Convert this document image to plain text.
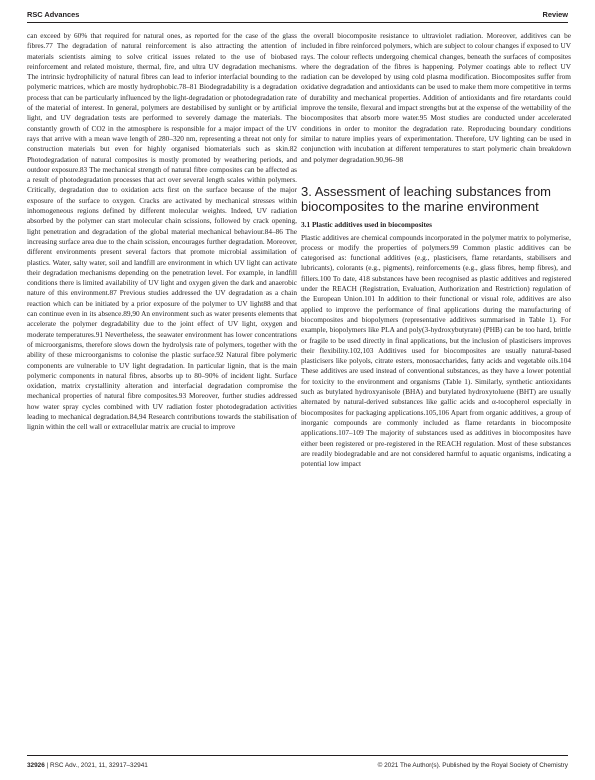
RSC Advances	Review

can exceed by 60% that required for natural ones, as reported for the case of the glass fibres.77 The degradation of natural reinforcement is also attracting the attention of materials scientists aiming to solve critical issues related to the use of biobased reinforcement and related moisture, thermal, fire, and ultra UV degradation mechanisms. The intrinsic hydrophilicity of natural fibres can lead to inferior interfacial bounding to the polymeric matrices, which are mostly hydrophobic.78–81 Biodegradability is a degradation process that can be particularly influenced by the light-degradation or photodegradation rate of the material of interest. In general, polymers are destabilised by sunlight or by artificial light, and UV degradation tests are performed to severely damage the materials. The constantly growth of CO2 in the atmosphere is responsible for a major impact of the UV rays that arrive with a mean wave length of 280–320 nm, representing a threat not only for construction materials but even for highly organised biomaterials such as skin.82 Photodegradation of natural composites is mostly promoted by weathering periods, and outdoor exposure.83 The mechanical strength of natural fibre composites can be affected as a result of photodegradation processes that act over several length scales within polymers. Critically, degradation due to oxidation acts first on the surface because of the major exposure of the surface to oxygen. Cracks are activated by mechanical stresses within inhomogeneous regions defined by different molecular weights. Indeed, UV radiation absorbed by the polymer can start molecular chain scissions, followed by crack opening, light penetration and degradation of the global material mechanical behaviour.84–86 The increasing surface area due to the chain scission, encourages further degradation. Moreover, different environments present several factors that promote microbial assimilation of plastics. Water, salty water, soil and landfill are environment in which UV light can activate their degradation mechanisms depending on the penetration level. For example, in landfill conditions there is limited availability of UV light and oxygen given the dark and anaerobic nature of this environment.87 Previous studies addressed the UV degradation as a chain reaction which can be initiated by a prior exposure of the polymer to UV light88 and that can continue even in its absence.89,90 An environment such as water presents elements that accelerate the polymer degradability due to the joint effect of UV light, oxygen and moderate temperatures.91 Nevertheless, the seawater environment has lower concentrations of microorganisms, therefore slows down the hydrolysis rate of polymers, together with the ability of these microorganisms to colonise the plastic surface.92 Natural fibre polymeric components are vulnerable to UV light degradation. In particular lignin, that is the main polymeric components in natural fibres, absorbs up to 80–90% of incident light. Surface oxidation, matrix crystallinity alteration and interfacial degradation compromise the mechanical properties of natural fibre composites.93 Moreover, further studies addressed how water spray cycles combined with UV radiation foster photodegradation activities leading to mechanical degradation.84,94 Research contributions towards the stabilisation of lignin within the cell wall or extracellular matrix are crucial to improve

the overall biocomposite resistance to ultraviolet radiation. Moreover, additives can be included in fibre reinforced polymers, which are subject to colour changes if exposed to UV rays. The colour reflects undergoing chemical changes, beneath the surfaces of composites where the degradation of the fibres is happening. Polymer coatings able to reflect UV radiation can be developed by using cold plasma modification. Biocomposites suffer from oxidative degradation and antioxidants can be used to make them more competitive in terms of durability and mechanical properties. Addition of antioxidants and fire retardants could improve the tensile, flexural and impact strengths but at the expense of the wettability of the biocomposites that absorb more water.95 Most studies are conducted under accelerated conditions in order to monitor the degradation rate. Reproducing boundary conditions similar to nature implies years of experimentation. Therefore, UV lighting can be used in conjunction with incubation at different temperatures to start polymeric chain breakdown and polymer degradation.90,96–98

3. Assessment of leaching substances from biocomposites to the marine environment
3.1 Plastic additives used in biocomposites

Plastic additives are chemical compounds incorporated in the polymer matrix to polymerise, process or modify the properties of polymers.99 Common plastic additives can be categorised as: functional additives (e.g., plasticisers, flame retardants, stabilisers and lubricants), colorants (e.g., pigments), reinforcements (e.g., glass fibres, hemp fibres), and fillers.100 To date, 418 substances have been recognised as plastic additives and registered under the REACH (Registration, Evaluation, Authorization and Restriction) regulation of the European Union.101 In addition to their functional or visual role, additives are also applied to improve the performance of final applications during the manufacturing of biocomposites and biopolymers (representative additives summarised in Table 1). For example, biopolymers like PLA and poly(3-hydroxybutyrate) (PHB) can be too hard, brittle or fragile to be used directly in final applications, but the inclusion of plasticisers improves their flexibility.102,103 Additives used for biocomposites are usually natural-based plasticisers like polyols, citrate esters, monosaccharides, fatty acids and vegetable oils.104 These additives are used instead of conventional substances, as they have a lower potential for toxicity to the environment and organisms (Table 1). Similarly, synthetic antioxidants such as butylated hydroxyanisole (BHA) and butylated hydroxytoluene (BHT) are usually alternated by natural-derived substances like gallic acids and α-tocopherol especially in biocomposites for packaging applications.105,106 Apart from organic additives, a group of inorganic compounds are commonly included as flame retardants in biocomposite applications.107–109 The majority of substances used as additives in biocomposites have either been registered or pre-registered in the REACH regulation. Most of these substances are readily biodegradable and are not considered harmful to aquatic organisms, indicating a potential low impact

32926 | RSC Adv., 2021, 11, 32917–32941	© 2021 The Author(s). Published by the Royal Society of Chemistry
